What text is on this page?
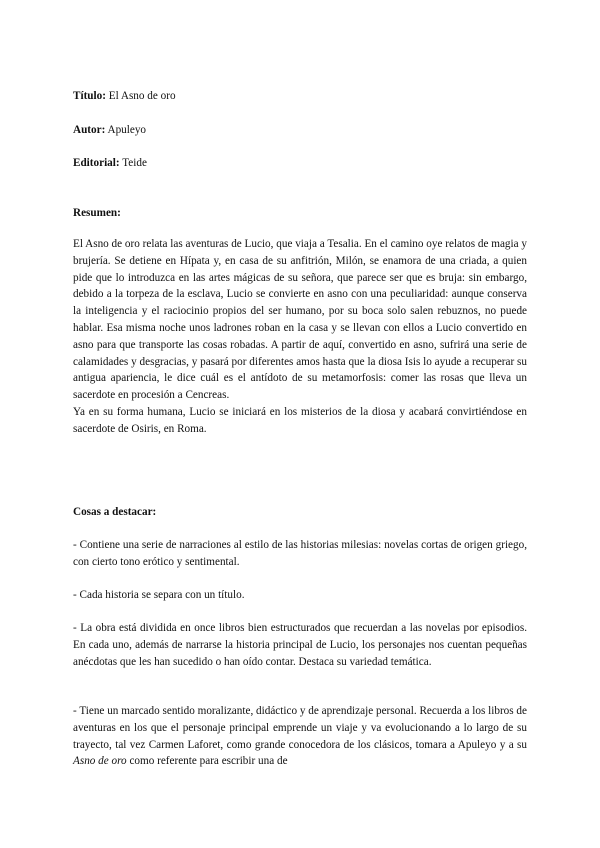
Título: El Asno de oro
Autor: Apuleyo
Editorial: Teide
Resumen:

El Asno de oro relata las aventuras de Lucio, que viaja a Tesalia. En el camino oye relatos de magia y brujería. Se detiene en Hípata y, en casa de su anfitrión, Milón, se enamora de una criada, a quien pide que lo introduzca en las artes mágicas de su señora, que parece ser que es bruja: sin embargo, debido a la torpeza de la esclava, Lucio se convierte en asno con una peculiaridad: aunque conserva la inteligencia y el raciocinio propios del ser humano, por su boca solo salen rebuznos, no puede hablar. Esa misma noche unos ladrones roban en la casa y se llevan con ellos a Lucio convertido en asno para que transporte las cosas robadas. A partir de aquí, convertido en asno, sufrirá una serie de calamidades y desgracias, y pasará por diferentes amos hasta que la diosa Isis lo ayude a recuperar su antigua apariencia, le dice cuál es el antídoto de su metamorfosis: comer las rosas que lleva un sacerdote en procesión a Cencreas.

Ya en su forma humana, Lucio se iniciará en los misterios de la diosa y acabará convirtiéndose en sacerdote de Osiris, en Roma.

Cosas a destacar:
- Contiene una serie de narraciones al estilo de las historias milesias: novelas cortas de origen griego, con cierto tono erótico y sentimental.
- Cada historia se separa con un título.
- La obra está dividida en once libros bien estructurados que recuerdan a las novelas por episodios. En cada uno, además de narrarse la historia principal de Lucio, los personajes nos cuentan pequeñas anécdotas que les han sucedido o han oído contar. Destaca su variedad temática.
- Tiene un marcado sentido moralizante, didáctico y de aprendizaje personal. Recuerda a los libros de aventuras en los que el personaje principal emprende un viaje y va evolucionando a lo largo de su trayecto, tal vez Carmen Laforet, como grande conocedora de los clásicos, tomara a Apuleyo y a su Asno de oro como referente para escribir una de
